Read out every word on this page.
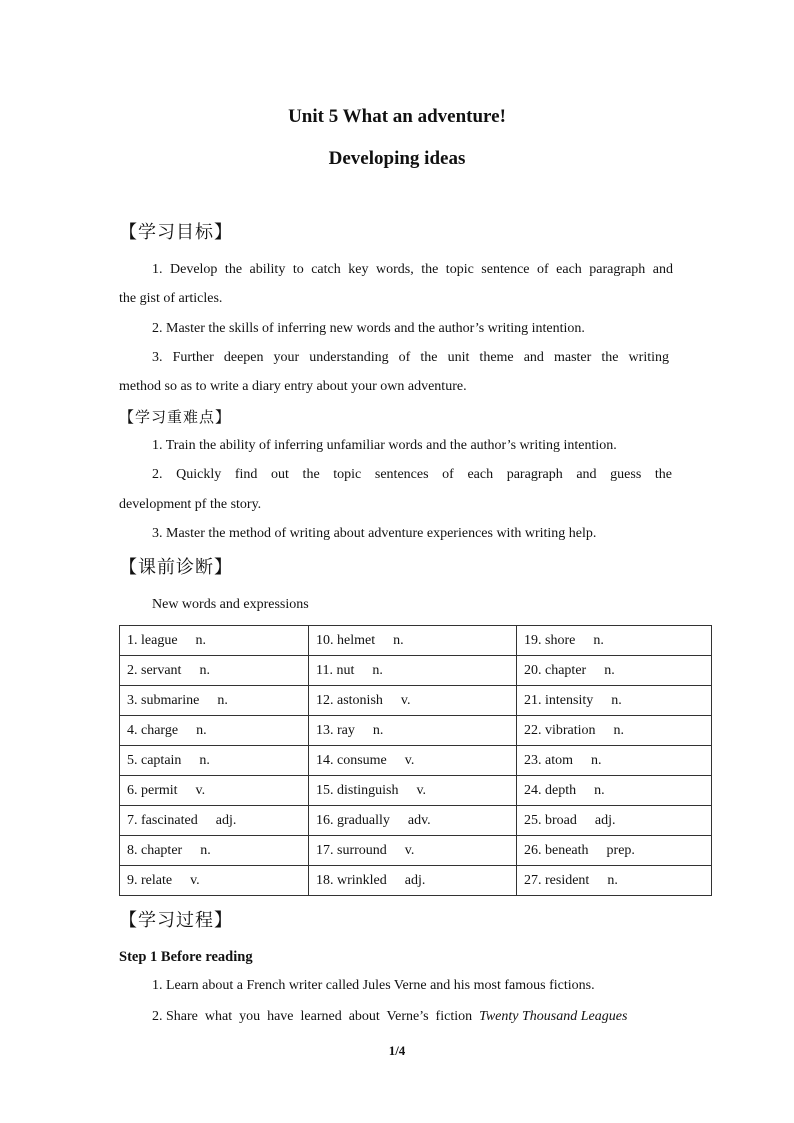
Unit 5 What an adventure!
Developing ideas
【学习目标】
1. Develop the ability to catch key words, the topic sentence of each paragraph and
the gist of articles.
2. Master the skills of inferring new words and the author’s writing intention.
3. Further deepen your understanding of the unit theme and master the writing
method so as to write a diary entry about your own adventure.
【学习重难点】
1. Train the ability of inferring unfamiliar words and the author’s writing intention.
2. Quickly find out the topic sentences of each paragraph and guess the
development pf the story.
3. Master the method of writing about adventure experiences with writing help.
【课前诊断】
New words and expressions
1. league n.	10. helmet n.	19. shore n.
2. servant n.	11. nut n.	20. chapter n.
3. submarine n.	12. astonish v.	21. intensity n.
4. charge n.	13. ray n.	22. vibration n.
5. captain n.	14. consume v.	23. atom n.
6. permit v.	15. distinguish v.	24. depth n.
7. fascinated adj.	16. gradually adv.	25. broad adj.
8. chapter n.	17. surround v.	26. beneath prep.
9. relate v.	18. wrinkled adj.	27. resident n.
【学习过程】
Step 1 Before reading
1. Learn about a French writer called Jules Verne and his most famous fictions.
2. Share  what  you  have  learned  about  Verne’s  fiction  Twenty Thousand Leagues
1/4
